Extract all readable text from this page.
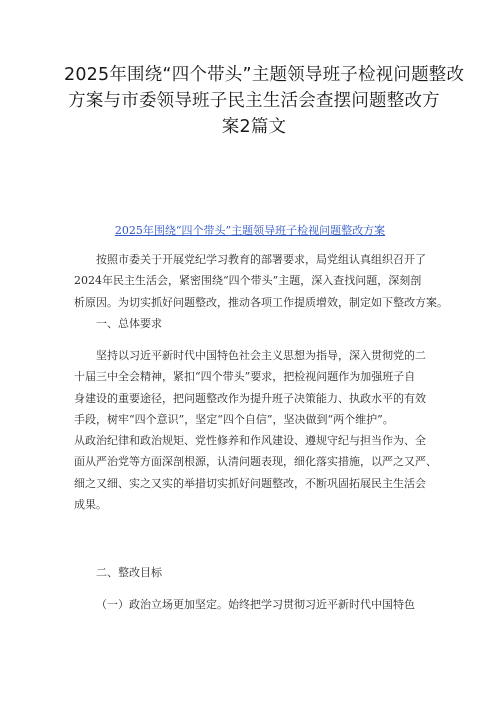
2025年围绕“四个带头”主题领导班子检视问题整改
方案与市委领导班子民主生活会查摆问题整改方
案2篇文
2025年围绕“四个带头”主题领导班子检视问题整改方案
按照市委关于开展党纪学习教育的部署要求，局党组认真组织召开了
2024年民主生活会，紧密围绕“四个带头”主题，深入查找问题，深刻剖
析原因。为切实抓好问题整改，推动各项工作提质增效，制定如下整改方案。
一、总体要求
坚持以习近平新时代中国特色社会主义思想为指导，深入贯彻党的二
十届三中全会精神，紧扣“四个带头”要求，把检视问题作为加强班子自
身建设的重要途径，把问题整改作为提升班子决策能力、执政水平的有效
手段，树牢“四个意识”，坚定“四个自信”，坚决做到“两个维护”。
从政治纪律和政治规矩、党性修养和作风建设、遵规守纪与担当作为、全
面从严治党等方面深剖根源，认清问题表现，细化落实措施，以严之又严、
细之又细、实之又实的举措切实抓好问题整改，不断巩固拓展民主生活会
成果。
二、整改目标
（一）政治立场更加坚定。始终把学习贯彻习近平新时代中国特色
